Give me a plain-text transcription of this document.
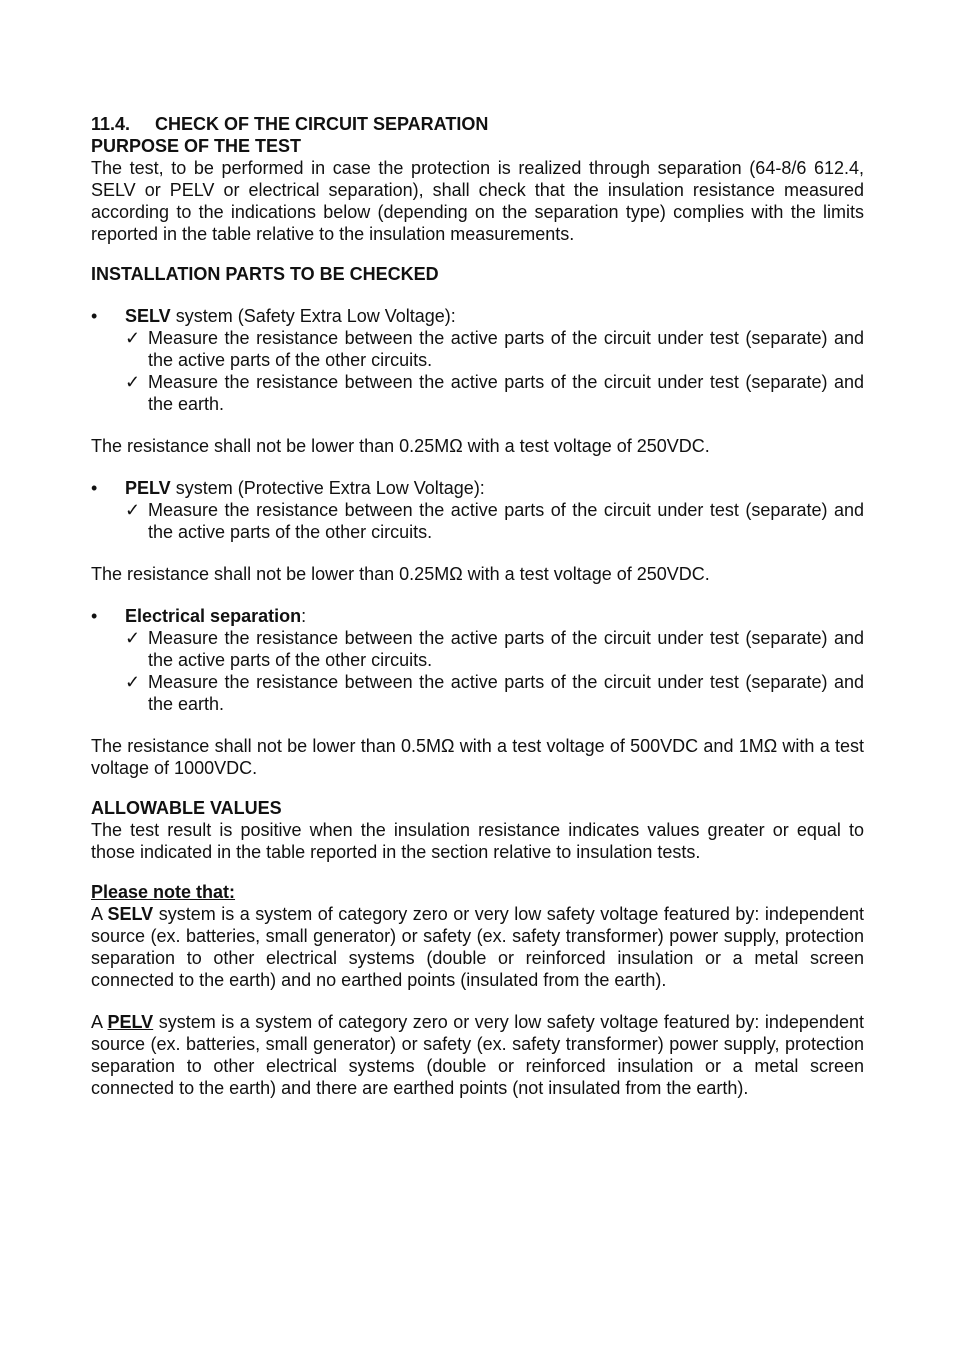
11.4. CHECK OF THE CIRCUIT SEPARATION
PURPOSE OF THE TEST
The test, to be performed in case the protection is realized through separation (64-8/6 612.4, SELV or PELV or electrical separation), shall check that the insulation resistance measured according to the indications below (depending on the separation type) complies with the limits reported in the table relative to the insulation measurements.
INSTALLATION PARTS TO BE CHECKED
•	SELV system (Safety Extra Low Voltage):
✓ Measure the resistance between the active parts of the circuit under test (separate) and the active parts of the other circuits.
✓ Measure the resistance between the active parts of the circuit under test (separate) and the earth.
The resistance shall not be lower than 0.25MΩ with a test voltage of 250VDC.
•	PELV system (Protective Extra Low Voltage):
✓ Measure the resistance between the active parts of the circuit under test (separate) and the active parts of the other circuits.
The resistance shall not be lower than 0.25MΩ with a test voltage of 250VDC.
•	Electrical separation:
✓ Measure the resistance between the active parts of the circuit under test (separate) and the active parts of the other circuits.
✓ Measure the resistance between the active parts of the circuit under test (separate) and the earth.
The resistance shall not be lower than 0.5MΩ with a test voltage of 500VDC and 1MΩ with a test voltage of 1000VDC.
ALLOWABLE VALUES
The test result is positive when the insulation resistance indicates values greater or equal to those indicated in the table reported in the section relative to insulation tests.
Please note that:
A SELV system is a system of category zero or very low safety voltage featured by: independent source (ex. batteries, small generator) or safety (ex. safety transformer) power supply, protection separation to other electrical systems (double or reinforced insulation or a metal screen connected to the earth) and no earthed points (insulated from the earth).
A PELV system is a system of category zero or very low safety voltage featured by: independent source (ex. batteries, small generator) or safety (ex. safety transformer) power supply, protection separation to other electrical systems (double or reinforced insulation or a metal screen connected to the earth) and there are earthed points (not insulated from the earth).
